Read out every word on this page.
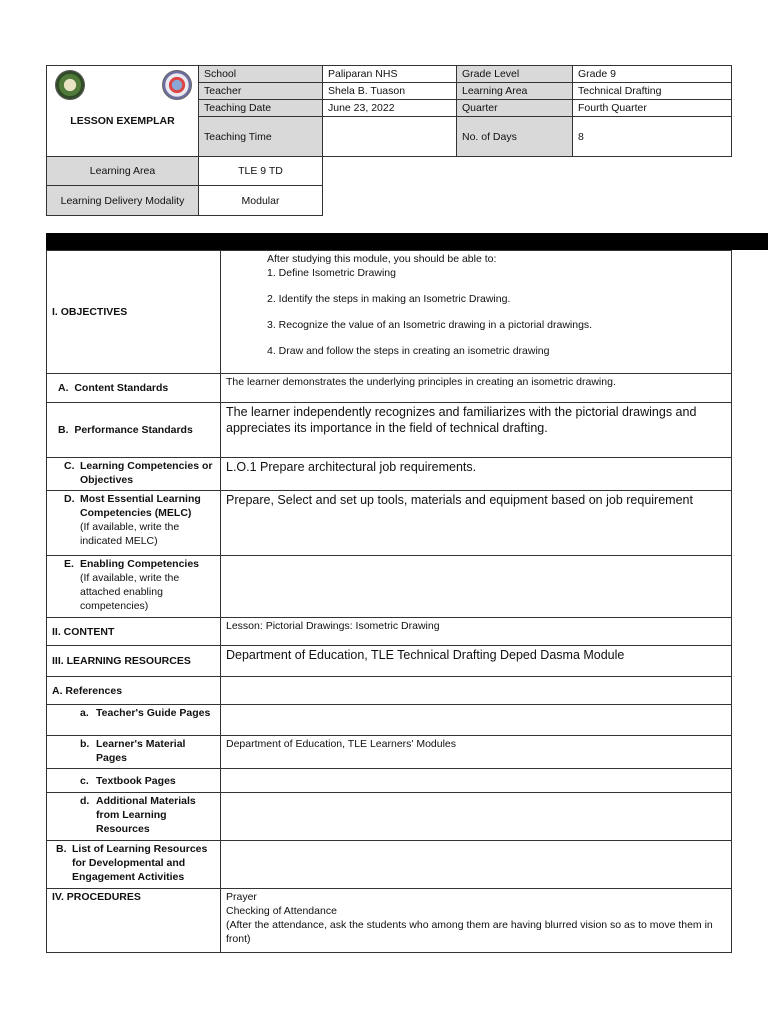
LESSON EXEMPLAR	School	Paliparan NHS	Grade Level	Grade 9
	Teacher	Shela B. Tuason	Learning Area	Technical Drafting
	Teaching Date	June 23, 2022	Quarter	Fourth Quarter
	Teaching Time		No. of Days	8
Learning Area	TLE 9 TD
Learning Delivery Modality	Modular
I. OBJECTIVES	After studying this module, you should be able to:
1. Define Isometric Drawing
2. Identify the steps in making an Isometric Drawing.
3. Recognize the value of an Isometric drawing in a pictorial drawings.
4. Draw and follow the steps in creating an isometric drawing

A. Content Standards	The learner demonstrates the underlying principles in creating an isometric drawing.
B. Performance Standards	The learner independently recognizes and familiarizes with the pictorial drawings and appreciates its importance in the field of technical drafting.

C. Learning Competencies or Objectives	L.O.1 Prepare architectural job requirements.

D. Most Essential Learning Competencies (MELC)
(If available, write the indicated MELC)	Prepare, Select and set up tools, materials and equipment based on job requirement

E. Enabling Competencies
(If available, write the attached enabling competencies)	

II. CONTENT	Lesson: Pictorial Drawings: Isometric Drawing
III. LEARNING RESOURCES	Department of Education, TLE Technical Drafting Deped Dasma Module
A. References	

a. Teacher's Guide Pages	

b. Learner's Material Pages	Department of Education, TLE Learners' Modules

c. Textbook Pages	

d. Additional Materials from Learning Resources	

B. List of Learning Resources for Developmental and Engagement Activities	

IV. PROCEDURES	Prayer
Checking of Attendance
(After the attendance, ask the students who among them are having blurred vision so as to move them in front)
